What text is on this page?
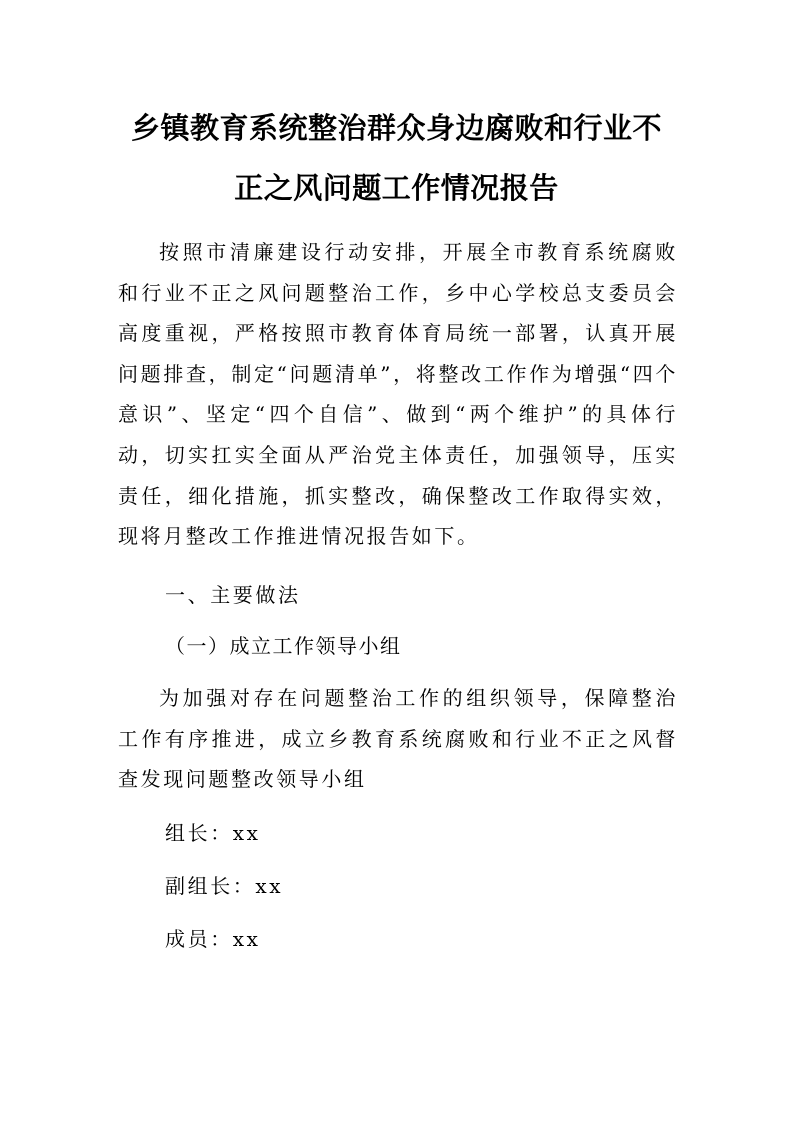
乡镇教育系统整治群众身边腐败和行业不
正之风问题工作情况报告

按照市清廉建设行动安排，开展全市教育系统腐败和行业不正之风问题整治工作，乡中心学校总支委员会高度重视，严格按照市教育体育局统一部署，认真开展问题排查，制定“问题清单”，将整改工作作为增强“四个意识”、坚定“四个自信”、做到“两个维护”的具体行动，切实扛实全面从严治党主体责任，加强领导，压实责任，细化措施，抓实整改，确保整改工作取得实效，现将月整改工作推进情况报告如下。

一、主要做法
（一）成立工作领导小组

为加强对存在问题整治工作的组织领导，保障整治工作有序推进，成立乡教育系统腐败和行业不正之风督查发现问题整改领导小组

组长：xx
副组长：xx
成员：xx
